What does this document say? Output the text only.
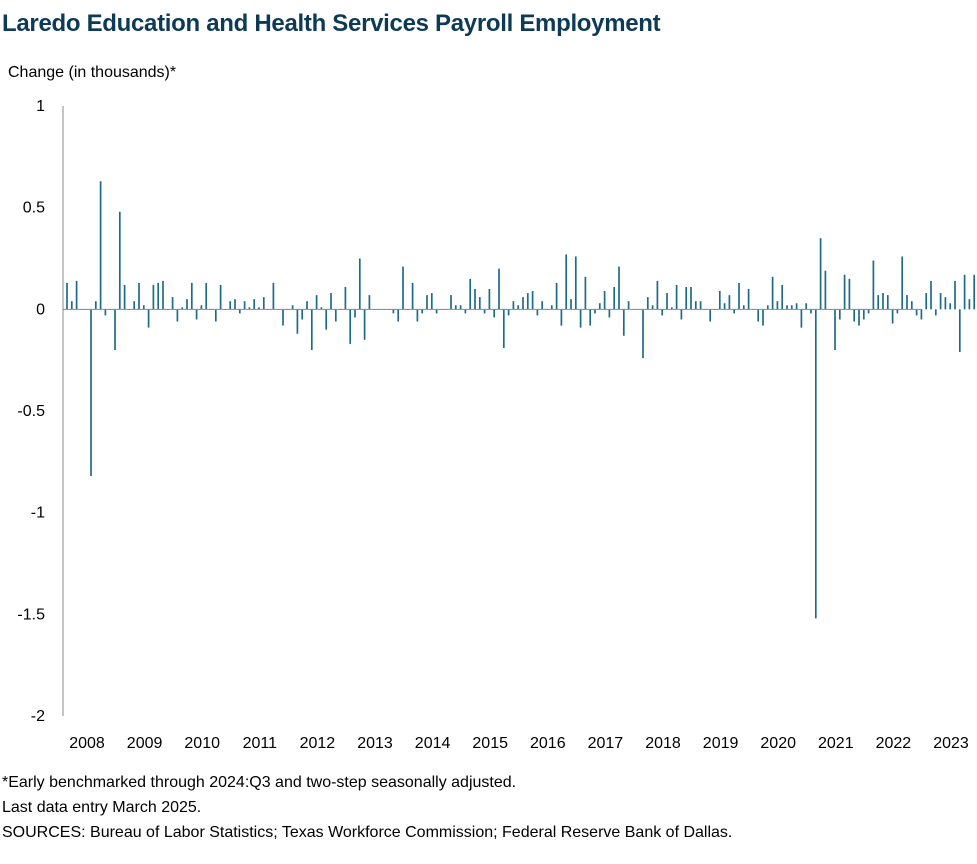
Laredo Education and Health Services Payroll Employment
Change (in thousands)*
1
0.5
0
-0.5
-1
-1.5
-2
2008 2009 2010 2011 2012 2013 2014 2015 2016 2017 2018 2019 2020 2021 2022 2023
*Early benchmarked through 2024:Q3 and two-step seasonally adjusted.
Last data entry March 2025.
SOURCES: Bureau of Labor Statistics; Texas Workforce Commission; Federal Reserve Bank of Dallas.
